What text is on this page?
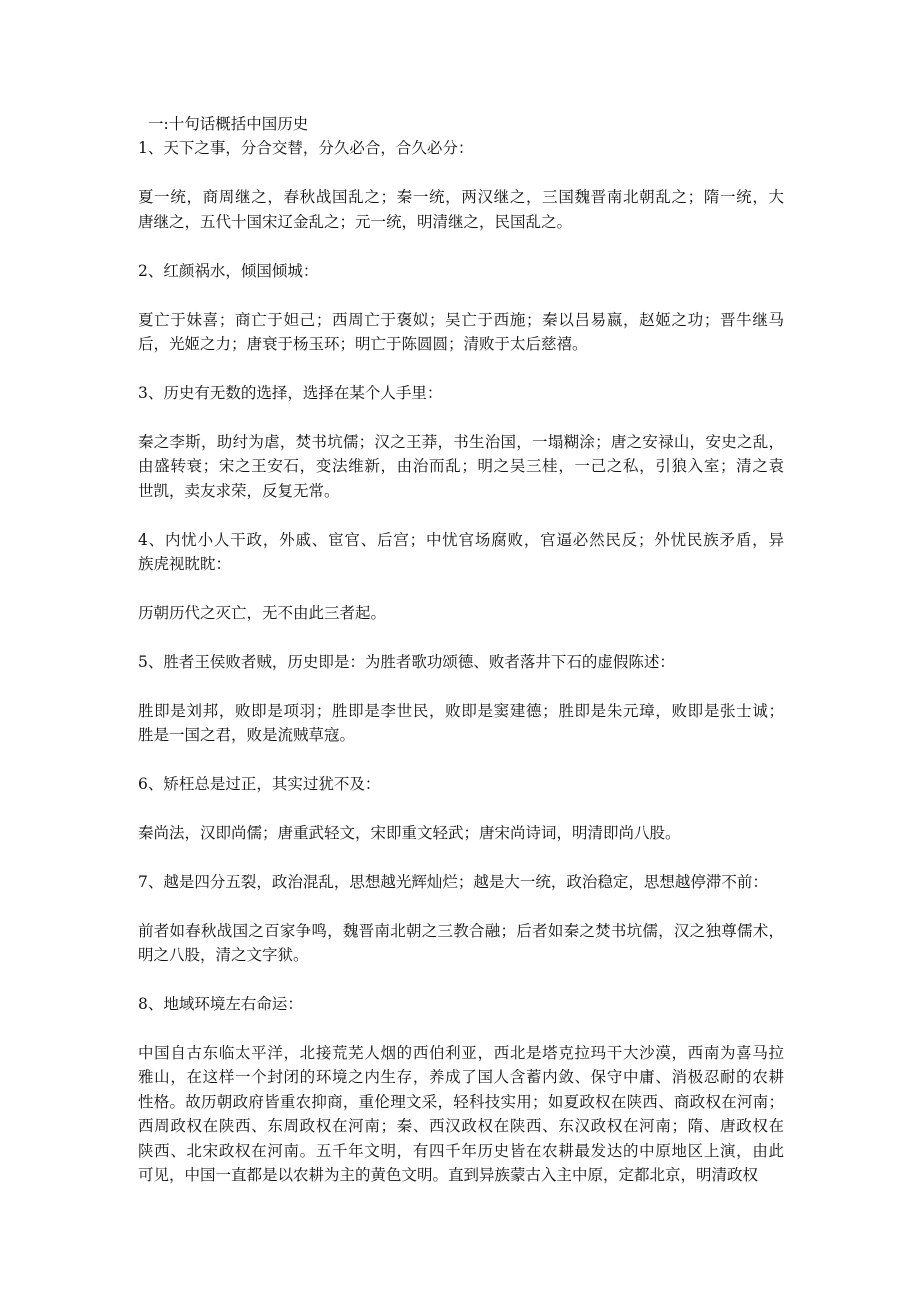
一:十句话概括中国历史
1、天下之事，分合交替，分久必合，合久必分：
夏一统，商周继之，春秋战国乱之；秦一统，两汉继之，三国魏晋南北朝乱之；隋一统，大
唐继之，五代十国宋辽金乱之；元一统，明清继之，民国乱之。
2、红颜祸水，倾国倾城：
夏亡于妹喜；商亡于妲己；西周亡于褒姒；吴亡于西施；秦以吕易嬴，赵姬之功；晋牛继马
后，光姬之力；唐衰于杨玉环；明亡于陈圆圆；清败于太后慈禧。
3、历史有无数的选择，选择在某个人手里：
秦之李斯，助纣为虐，焚书坑儒；汉之王莽，书生治国，一塌糊涂；唐之安禄山，安史之乱，
由盛转衰；宋之王安石，变法维新，由治而乱；明之吴三桂，一己之私，引狼入室；清之袁
世凯，卖友求荣，反复无常。
4、内忧小人干政，外戚、宦官、后宫；中忧官场腐败，官逼必然民反；外忧民族矛盾，异
族虎视眈眈：
历朝历代之灭亡，无不由此三者起。
5、胜者王侯败者贼，历史即是：为胜者歌功颂德、败者落井下石的虚假陈述：
胜即是刘邦，败即是项羽；胜即是李世民，败即是窦建德；胜即是朱元璋，败即是张士诚；
胜是一国之君，败是流贼草寇。
6、矫枉总是过正，其实过犹不及：
秦尚法，汉即尚儒；唐重武轻文，宋即重文轻武；唐宋尚诗词，明清即尚八股。
7、越是四分五裂，政治混乱，思想越光辉灿烂；越是大一统，政治稳定，思想越停滞不前：
前者如春秋战国之百家争鸣，魏晋南北朝之三教合融；后者如秦之焚书坑儒，汉之独尊儒术，
明之八股，清之文字狱。
8、地域环境左右命运：
中国自古东临太平洋，北接荒芜人烟的西伯利亚，西北是塔克拉玛干大沙漠，西南为喜马拉
雅山，在这样一个封闭的环境之内生存，养成了国人含蓄内敛、保守中庸、消极忍耐的农耕
性格。故历朝政府皆重农抑商，重伦理文采，轻科技实用；如夏政权在陕西、商政权在河南；
西周政权在陕西、东周政权在河南；秦、西汉政权在陕西、东汉政权在河南；隋、唐政权在
陕西、北宋政权在河南。五千年文明，有四千年历史皆在农耕最发达的中原地区上演，由此
可见，中国一直都是以农耕为主的黄色文明。直到异族蒙古入主中原，定都北京，明清政权
